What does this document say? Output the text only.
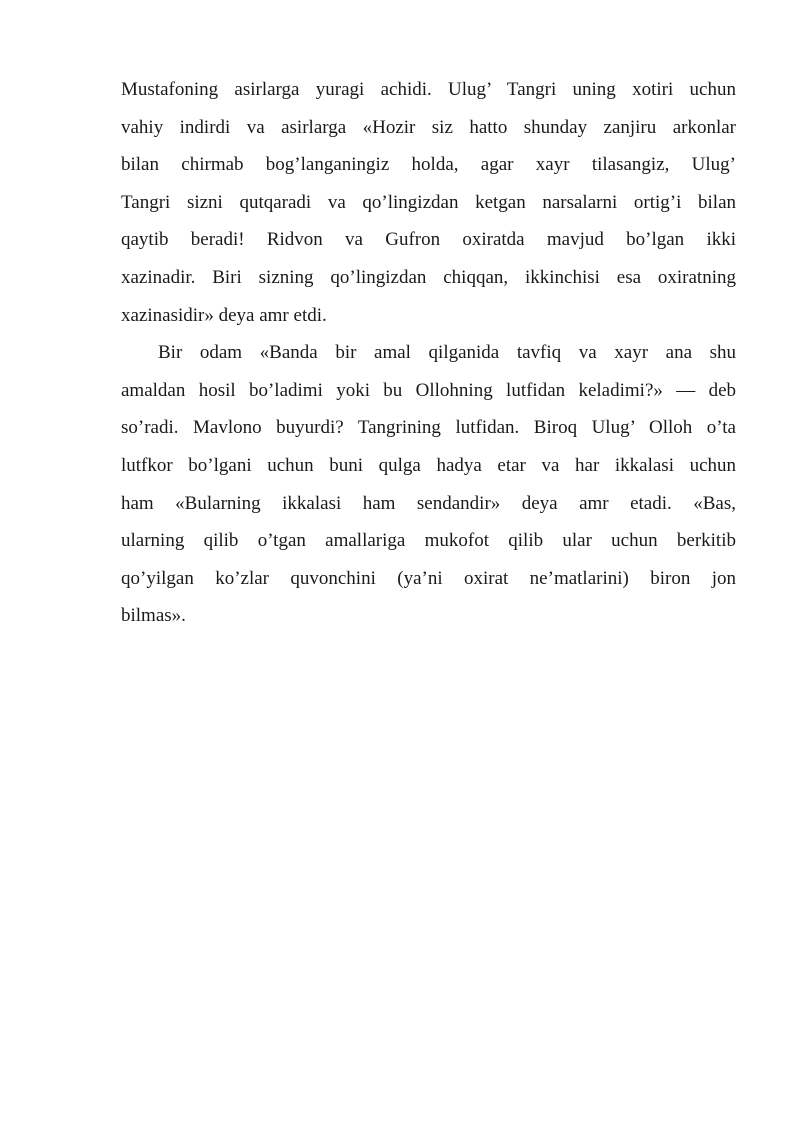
Mustafoning asirlarga yuragi achidi. Ulug’ Tangri uning xotiri uchun
vahiy indirdi va asirlarga «Hozir siz hatto shunday zanjiru arkonlar
bilan chirmab bog’langaningiz holda, agar xayr tilasangiz, Ulug’
Tangri sizni qutqaradi va qo’lingizdan ketgan narsalarni ortig’i bilan
qaytib beradi! Ridvon va Gufron oxiratda mavjud bo’lgan ikki
xazinadir. Biri sizning qo’lingizdan chiqqan, ikkinchisi esa oxiratning
xazinasidir» deya amr etdi.
Bir odam «Banda bir amal qilganida tavfiq va xayr ana shu
amaldan hosil bo’ladimi yoki bu Ollohning lutfidan keladimi?» — deb
so’radi. Mavlono buyurdi? Tangrining lutfidan. Biroq Ulug’ Olloh o’ta
lutfkor bo’lgani uchun buni qulga hadya etar va har ikkalasi uchun
ham «Bularning ikkalasi ham sendandir» deya amr etadi. «Bas,
ularning qilib o’tgan amallariga mukofot qilib ular uchun berkitib
qo’yilgan ko’zlar quvonchini (ya’ni oxirat ne’matlarini) biron jon
bilmas».
